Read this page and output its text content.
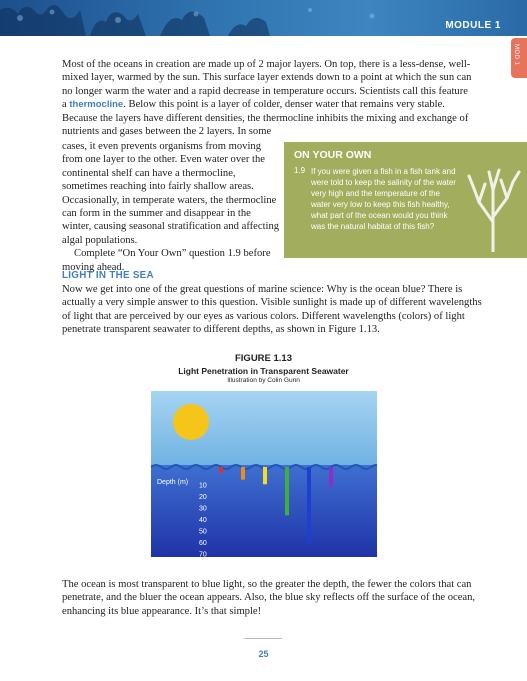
MODULE 1
MOD 1
Most of the oceans in creation are made up of 2 major layers. On top, there is a less-dense, well-mixed layer, warmed by the sun. This surface layer extends down to a point at which the sun can no longer warm the water and a rapid decrease in temperature occurs. Scientists call this feature a thermocline. Below this point is a layer of colder, denser water that remains very stable. Because the layers have different densities, the thermocline inhibits the mixing and exchange of nutrients and gases between the 2 layers. In some
cases, it even prevents organisms from moving from one layer to the other. Even water over the continental shelf can have a thermocline, sometimes reaching into fairly shallow areas. Occasionally, in temperate waters, the thermocline can form in the summer and disappear in the winter, causing seasonal stratification and affecting algal populations.
Complete “On Your Own” question 1.9 before moving ahead.
ON YOUR OWN
1.9 If you were given a fish in a fish tank and were told to keep the salinity of the water very high and the temperature of the water very low to keep this fish healthy, what part of the ocean would you think was the natural habitat of this fish?
LIGHT IN THE SEA
Now we get into one of the great questions of marine science: Why is the ocean blue? There is actually a very simple answer to this question. Visible sunlight is made up of different wavelengths of light that are perceived by our eyes as various colors. Different wavelengths (colors) of light penetrate transparent seawater to different depths, as shown in Figure 1.13.
FIGURE 1.13
Light Penetration in Transparent Seawater
Illustration by Colin Gunn
Depth (m) 10
20
30
40
50
60
70
The ocean is most transparent to blue light, so the greater the depth, the fewer the colors that can penetrate, and the bluer the ocean appears. Also, the blue sky reflects off the surface of the ocean, enhancing its blue appearance. It’s that simple!
25
